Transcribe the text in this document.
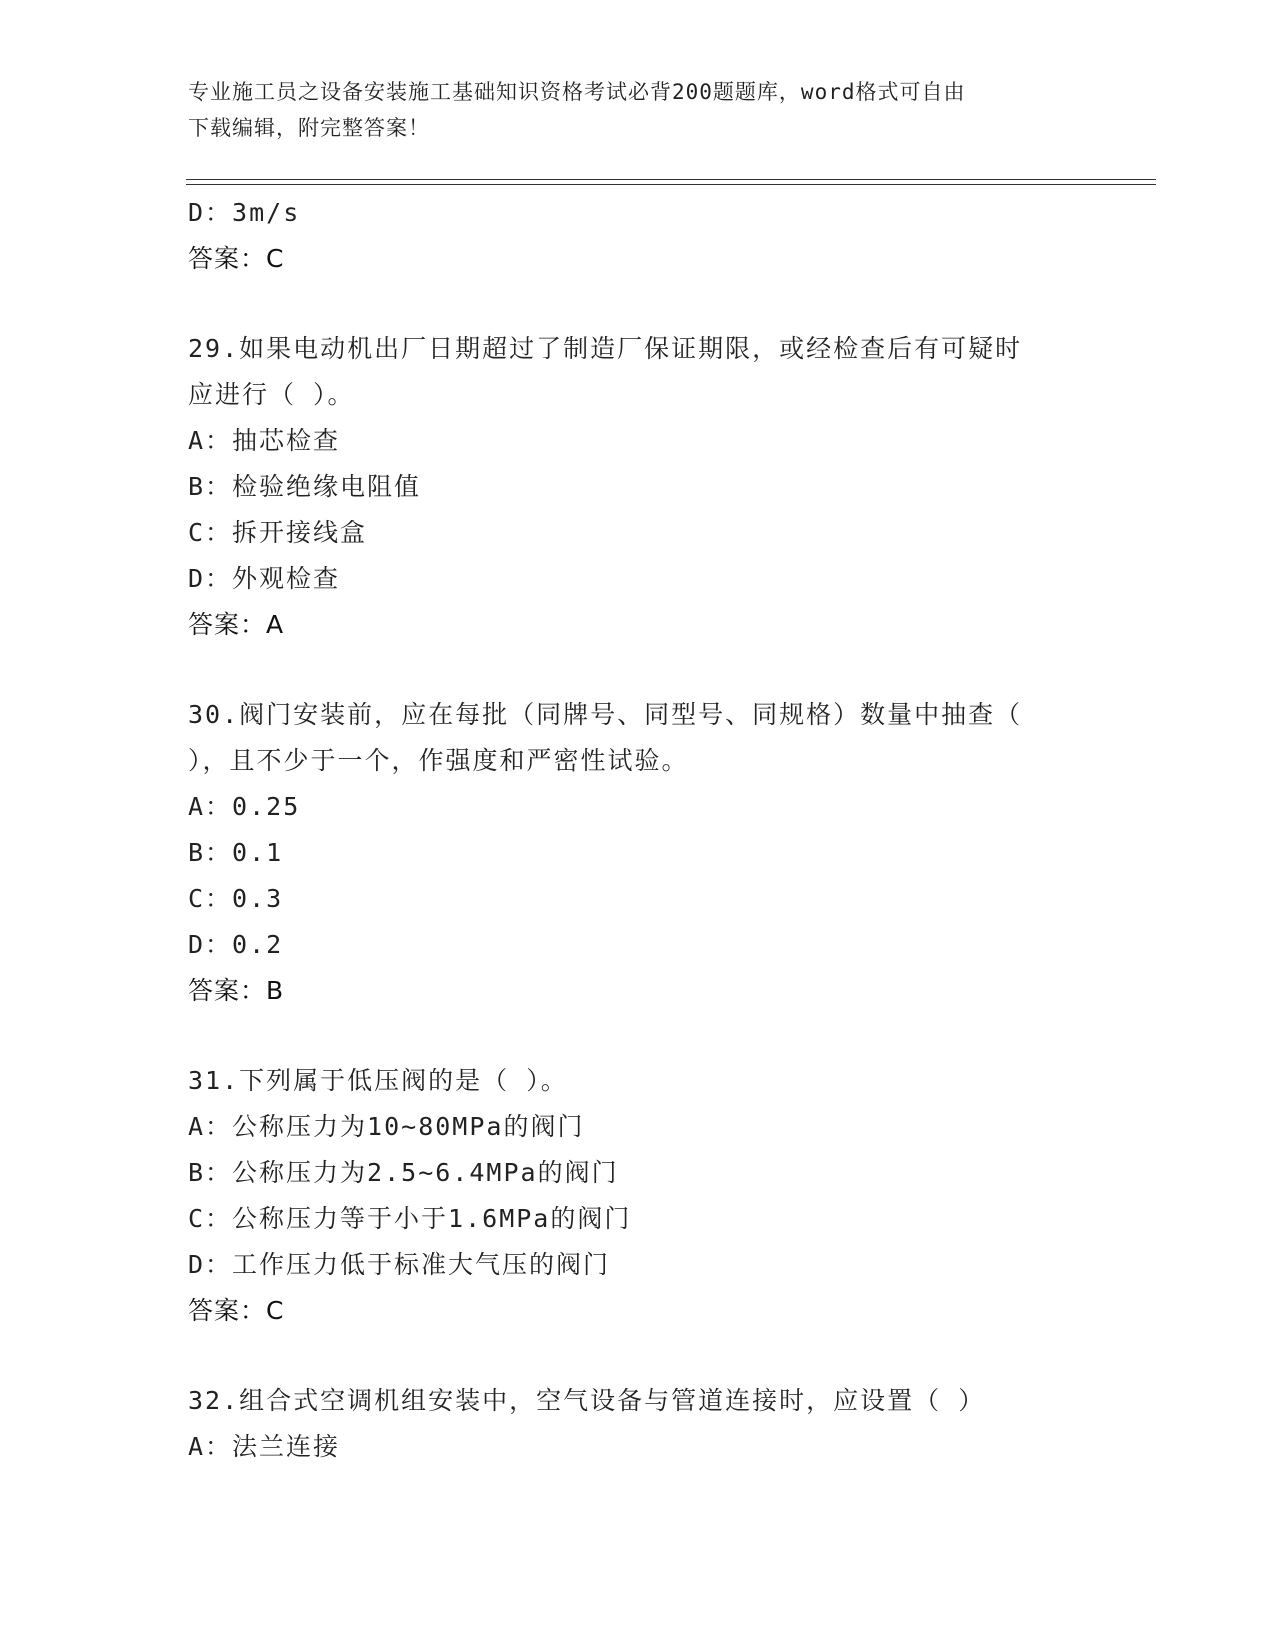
专业施工员之设备安装施工基础知识资格考试必背200题题库，word格式可自由
下载编辑，附完整答案！
D：3m/s
答案：C
29.如果电动机出厂日期超过了制造厂保证期限，或经检查后有可疑时
应进行（ ）。
A：抽芯检查
B：检验绝缘电阻值
C：拆开接线盒
D：外观检查
答案：A
30.阀门安装前，应在每批（同牌号、同型号、同规格）数量中抽查（
），且不少于一个，作强度和严密性试验。
A：0.25
B：0.1
C：0.3
D：0.2
答案：B
31.下列属于低压阀的是（ ）。
A：公称压力为10~80MPa的阀门
B：公称压力为2.5~6.4MPa的阀门
C：公称压力等于小于1.6MPa的阀门
D：工作压力低于标准大气压的阀门
答案：C
32.组合式空调机组安装中，空气设备与管道连接时，应设置（ ）
A：法兰连接
